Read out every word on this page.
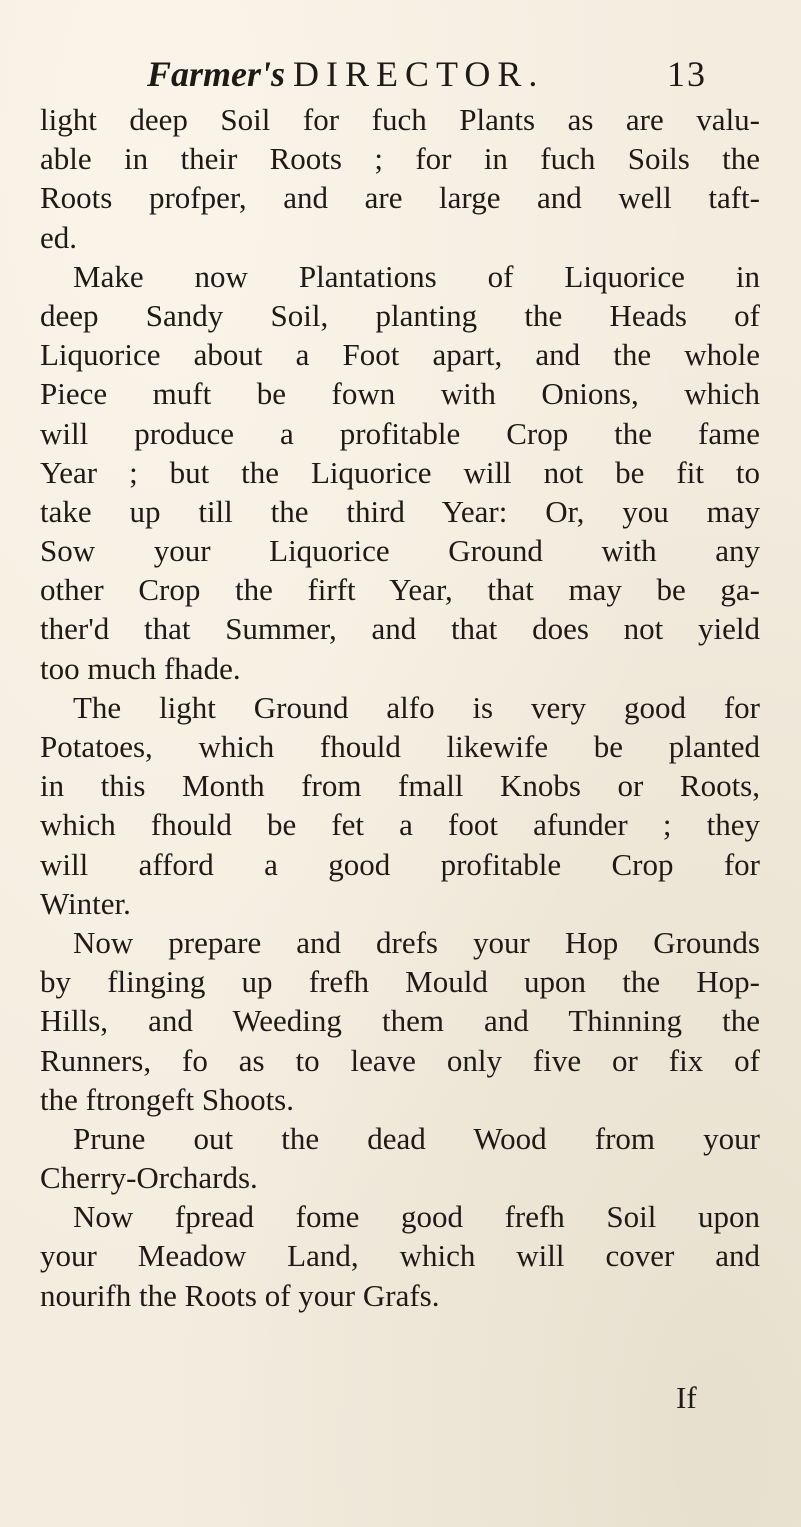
Farmer's DIRECTOR.	13
light deep Soil for fuch Plants as are valu-
able in their Roots ; for in fuch Soils the
Roots profper, and are large and well taft-
ed.
Make now Plantations of Liquorice in
deep Sandy Soil, planting the Heads of
Liquorice about a Foot apart, and the whole
Piece muft be fown with Onions, which
will produce a profitable Crop the fame
Year ; but the Liquorice will not be fit to
take up till the third Year: Or, you may
Sow your Liquorice Ground with any
other Crop the firft Year, that may be ga-
ther'd that Summer, and that does not yield
too much fhade.
The light Ground alfo is very good for
Potatoes, which fhould likewife be planted
in this Month from fmall Knobs or Roots,
which fhould be fet a foot afunder ; they
will afford a good profitable Crop for
Winter.
Now prepare and drefs your Hop Grounds
by flinging up frefh Mould upon the Hop-
Hills, and Weeding them and Thinning the
Runners, fo as to leave only five or fix of
the ftrongeft Shoots.
Prune out the dead Wood from your
Cherry-Orchards.
Now fpread fome good frefh Soil upon
your Meadow Land, which will cover and
nourifh the Roots of your Grafs.
If
